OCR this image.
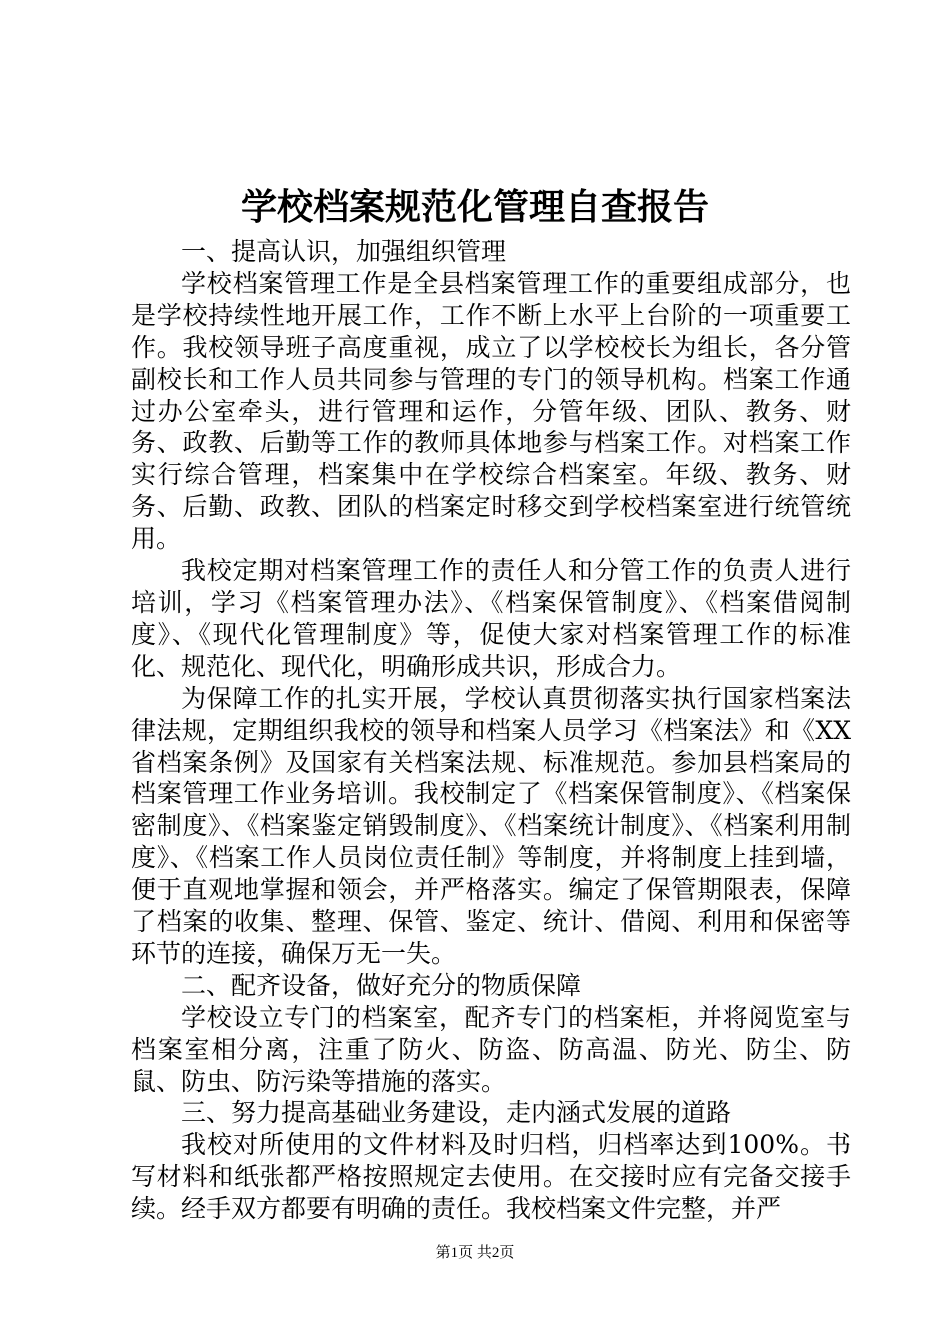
学校档案规范化管理自查报告

一、提高认识，加强组织管理

学校档案管理工作是全县档案管理工作的重要组成部分，也是学校持续性地开展工作，工作不断上水平上台阶的一项重要工作。我校领导班子高度重视，成立了以学校校长为组长，各分管副校长和工作人员共同参与管理的专门的领导机构。档案工作通过办公室牵头，进行管理和运作，分管年级、团队、教务、财务、政教、后勤等工作的教师具体地参与档案工作。对档案工作实行综合管理，档案集中在学校综合档案室。年级、教务、财务、后勤、政教、团队的档案定时移交到学校档案室进行统管统用。

我校定期对档案管理工作的责任人和分管工作的负责人进行培训，学习《档案管理办法》、《档案保管制度》、《档案借阅制度》、《现代化管理制度》等，促使大家对档案管理工作的标准化、规范化、现代化，明确形成共识，形成合力。

为保障工作的扎实开展，学校认真贯彻落实执行国家档案法律法规，定期组织我校的领导和档案人员学习《档案法》和《XX省档案条例》及国家有关档案法规、标准规范。参加县档案局的档案管理工作业务培训。我校制定了《档案保管制度》、《档案保密制度》、《档案鉴定销毁制度》、《档案统计制度》、《档案利用制度》、《档案工作人员岗位责任制》等制度，并将制度上挂到墙，便于直观地掌握和领会，并严格落实。编定了保管期限表，保障了档案的收集、整理、保管、鉴定、统计、借阅、利用和保密等环节的连接，确保万无一失。

二、配齐设备，做好充分的物质保障

学校设立专门的档案室，配齐专门的档案柜，并将阅览室与档案室相分离，注重了防火、防盗、防高温、防光、防尘、防鼠、防虫、防污染等措施的落实。

三、努力提高基础业务建设，走内涵式发展的道路

我校对所使用的文件材料及时归档，归档率达到100%。书写材料和纸张都严格按照规定去使用。在交接时应有完备交接手续。经手双方都要有明确的责任。我校档案文件完整，并严

第1页 共2页
